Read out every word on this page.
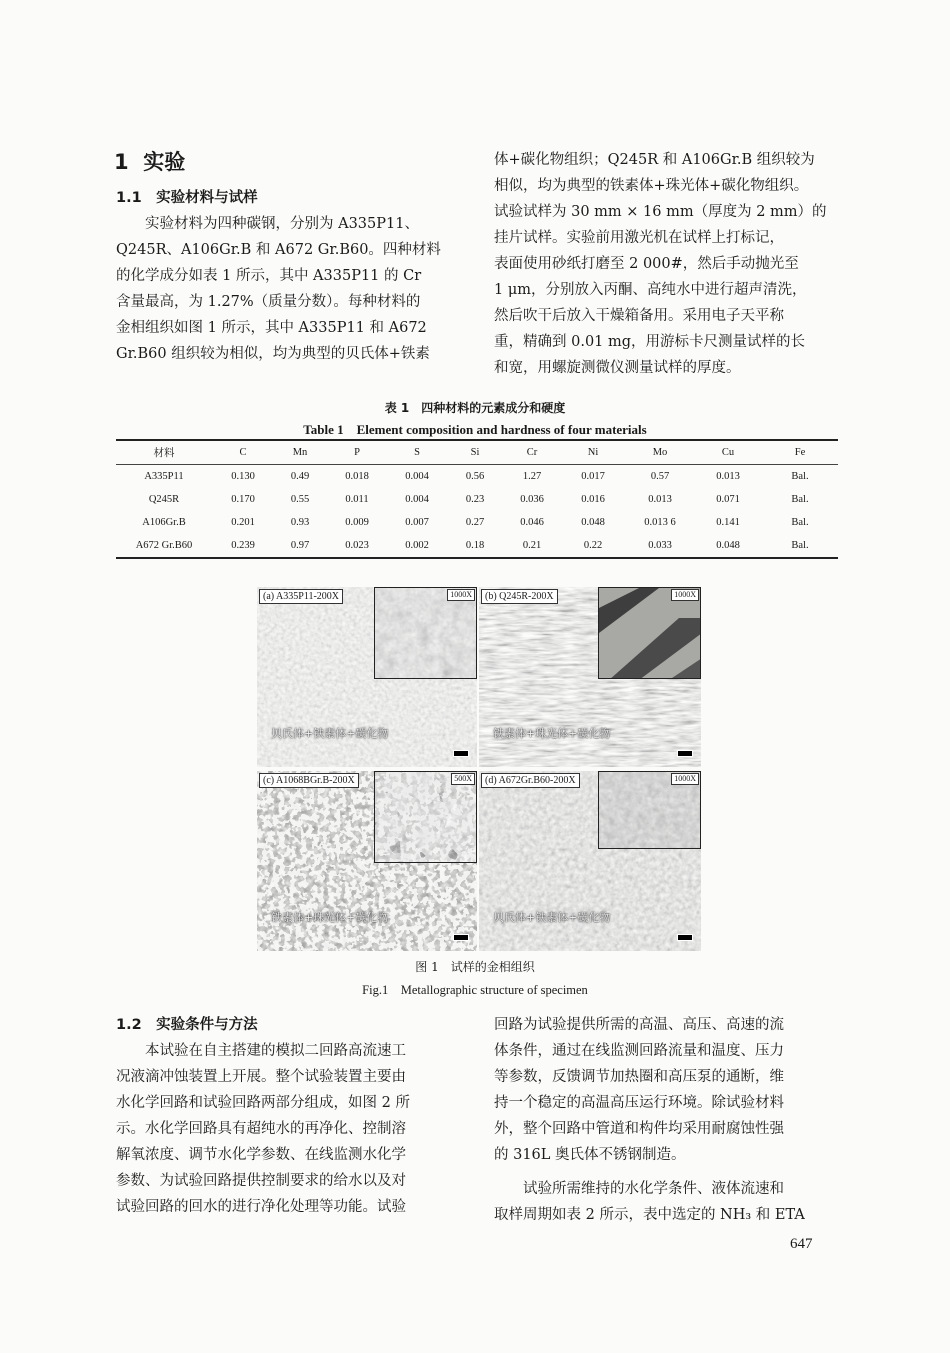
1 实验
1.1　实验材料与试样

实验材料为四种碳钢，分别为 A335P11、

Q245R、A106Gr.B 和 A672 Gr.B60。四种材料

的化学成分如表 1 所示，其中 A335P11 的 Cr

含量最高，为 1.27%（质量分数）。每种材料的

金相组织如图 1 所示，其中 A335P11 和 A672

Gr.B60 组织较为相似，均为典型的贝氏体+铁素

体+碳化物组织；Q245R 和 A106Gr.B 组织较为

相似，均为典型的铁素体+珠光体+碳化物组织。

试验试样为 30 mm × 16 mm（厚度为 2 mm）的

挂片试样。实验前用激光机在试样上打标记，

表面使用砂纸打磨至 2 000#，然后手动抛光至

1 μm，分别放入丙酮、高纯水中进行超声清洗，

然后吹干后放入干燥箱备用。采用电子天平称

重，精确到 0.01 mg，用游标卡尺测量试样的长

和宽，用螺旋测微仪测量试样的厚度。

表 1　四种材料的元素成分和硬度
Table 1　Element composition and hardness of four materials
材料	C	Mn	P	S	Si	Cr	Ni	Mo	Cu	Fe
A335P11	0.130	0.49	0.018	0.004	0.56	1.27	0.017	0.57	0.013	Bal.
Q245R	0.170	0.55	0.011	0.004	0.23	0.036	0.016	0.013	0.071	Bal.
A106Gr.B	0.201	0.93	0.009	0.007	0.27	0.046	0.048	0.013 6	0.141	Bal.
A672 Gr.B60	0.239	0.97	0.023	0.002	0.18	0.21	0.22	0.033	0.048	Bal.
(a) A335P11-200X	1000X
贝氏体+铁素体+碳化物
(b) Q245R-200X	1000X
铁素体+珠光体+碳化物
(c) A1068BGr.B-200X	500X
铁素体+珠光体+碳化物
(d) A672Gr.B60-200X	1000X
贝氏体+铁素体+碳化物
图 1　试样的金相组织
Fig.1　Metallographic structure of specimen
1.2　实验条件与方法

本试验在自主搭建的模拟二回路高流速工

况液滴冲蚀装置上开展。整个试验装置主要由

水化学回路和试验回路两部分组成，如图 2 所

示。水化学回路具有超纯水的再净化、控制溶

解氧浓度、调节水化学参数、在线监测水化学

参数、为试验回路提供控制要求的给水以及对

试验回路的回水的进行净化处理等功能。试验

回路为试验提供所需的高温、高压、高速的流

体条件，通过在线监测回路流量和温度、压力

等参数，反馈调节加热圈和高压泵的通断，维

持一个稳定的高温高压运行环境。除试验材料

外，整个回路中管道和构件均采用耐腐蚀性强

的 316L 奥氏体不锈钢制造。

试验所需维持的水化学条件、液体流速和

取样周期如表 2 所示，表中选定的 NH₃ 和 ETA

647
